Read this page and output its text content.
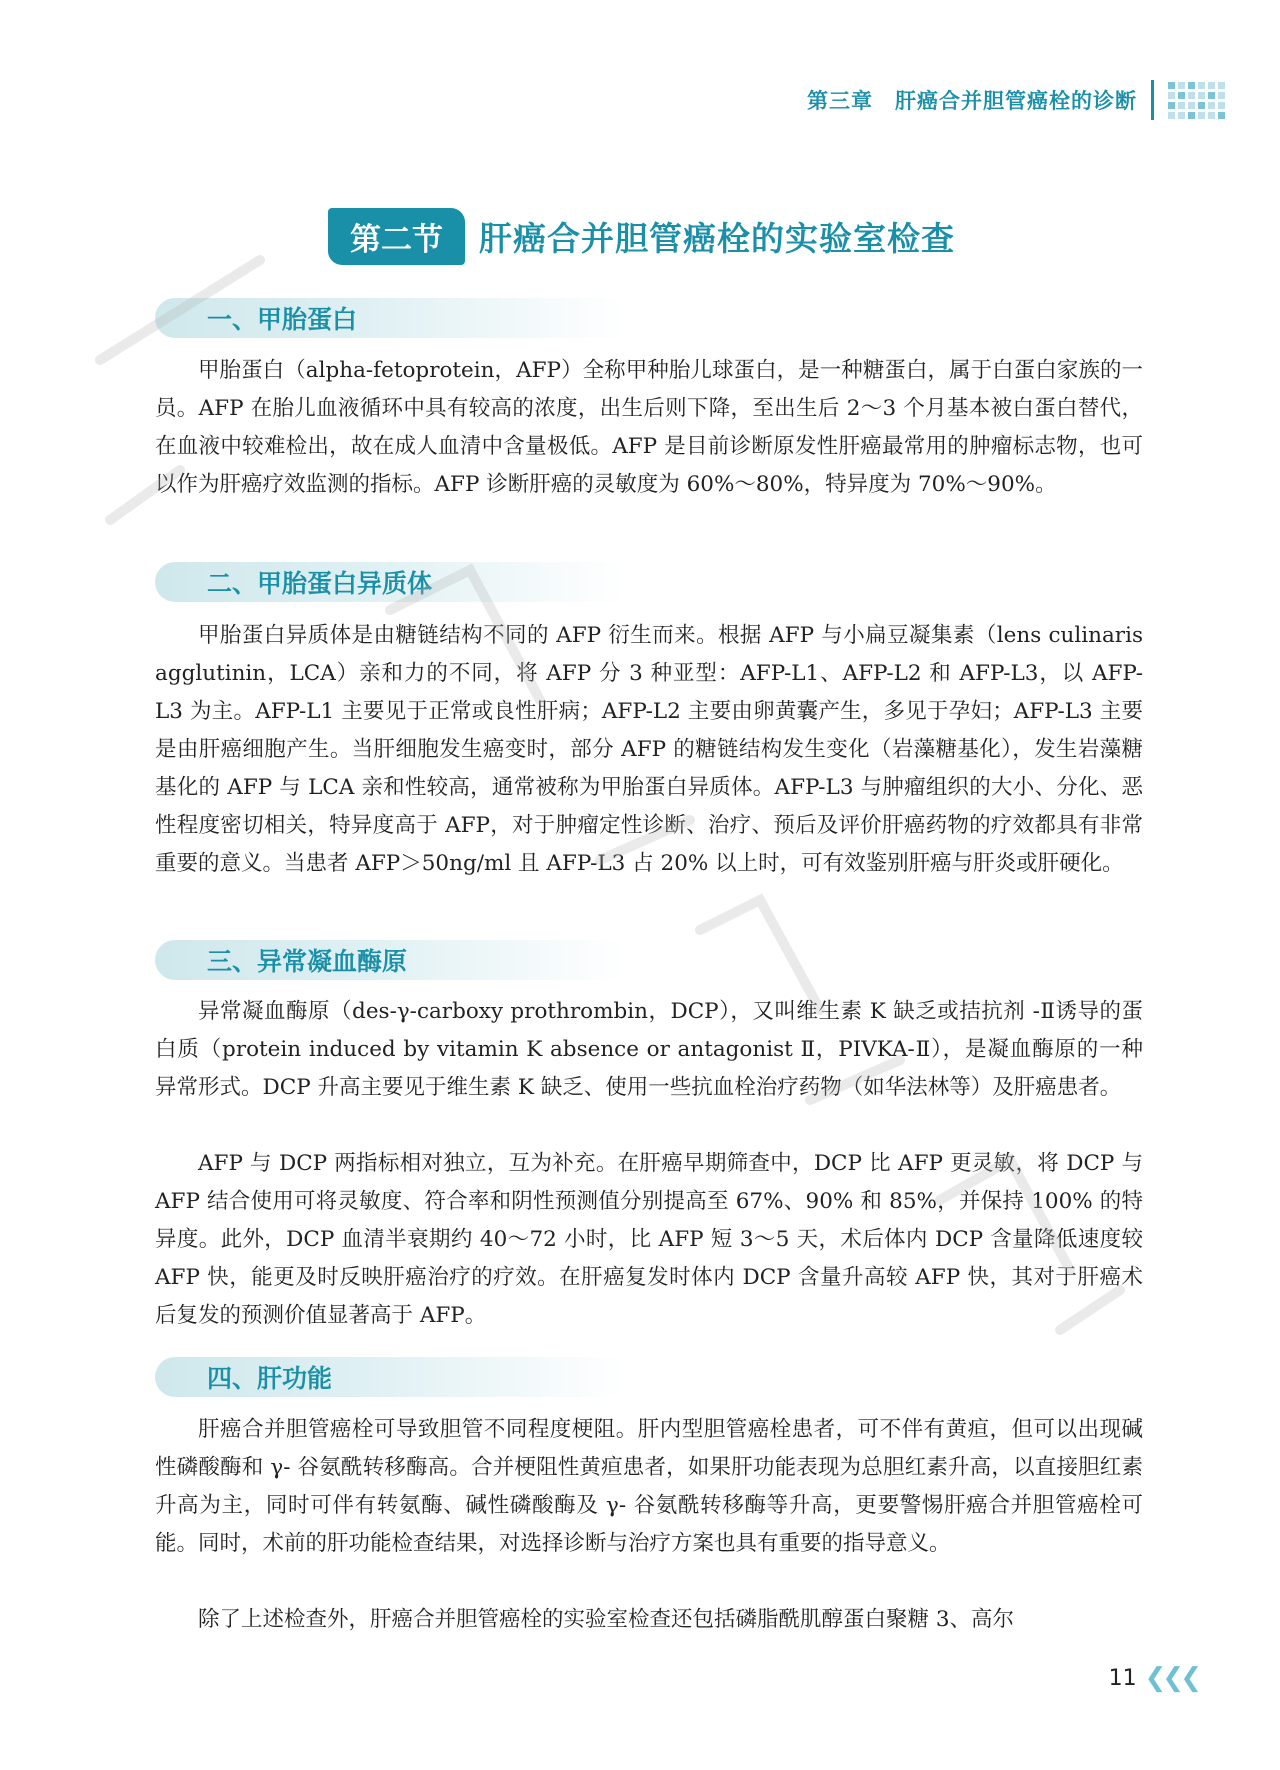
第三章　肝癌合并胆管癌栓的诊断
第二节	肝癌合并胆管癌栓的实验室检查
一、甲胎蛋白

甲胎蛋白（alpha-fetoprotein，AFP）全称甲种胎儿球蛋白，是一种糖蛋白，属于白蛋白家族的一员。AFP 在胎儿血液循环中具有较高的浓度，出生后则下降，至出生后 2～3 个月基本被白蛋白替代，在血液中较难检出，故在成人血清中含量极低。AFP 是目前诊断原发性肝癌最常用的肿瘤标志物，也可以作为肝癌疗效监测的指标。AFP 诊断肝癌的灵敏度为 60%～80%，特异度为 70%～90%。

二、甲胎蛋白异质体

甲胎蛋白异质体是由糖链结构不同的 AFP 衍生而来。根据 AFP 与小扁豆凝集素（lens culinaris agglutinin，LCA）亲和力的不同，将 AFP 分 3 种亚型：AFP-L1、AFP-L2 和 AFP-L3，以 AFP-L3 为主。AFP-L1 主要见于正常或良性肝病；AFP-L2 主要由卵黄囊产生，多见于孕妇；AFP-L3 主要是由肝癌细胞产生。当肝细胞发生癌变时，部分 AFP 的糖链结构发生变化（岩藻糖基化），发生岩藻糖基化的 AFP 与 LCA 亲和性较高，通常被称为甲胎蛋白异质体。AFP-L3 与肿瘤组织的大小、分化、恶性程度密切相关，特异度高于 AFP，对于肿瘤定性诊断、治疗、预后及评价肝癌药物的疗效都具有非常重要的意义。当患者 AFP＞50ng/ml 且 AFP-L3 占 20% 以上时，可有效鉴别肝癌与肝炎或肝硬化。

三、异常凝血酶原

异常凝血酶原（des-γ-carboxy prothrombin，DCP），又叫维生素 K 缺乏或拮抗剂 -Ⅱ诱导的蛋白质（protein induced by vitamin K absence or antagonist Ⅱ，PIVKA-Ⅱ），是凝血酶原的一种异常形式。DCP 升高主要见于维生素 K 缺乏、使用一些抗血栓治疗药物（如华法林等）及肝癌患者。

AFP 与 DCP 两指标相对独立，互为补充。在肝癌早期筛查中，DCP 比 AFP 更灵敏，将 DCP 与 AFP 结合使用可将灵敏度、符合率和阴性预测值分别提高至 67%、90% 和 85%，并保持 100% 的特异度。此外，DCP 血清半衰期约 40～72 小时，比 AFP 短 3～5 天，术后体内 DCP 含量降低速度较 AFP 快，能更及时反映肝癌治疗的疗效。在肝癌复发时体内 DCP 含量升高较 AFP 快，其对于肝癌术后复发的预测价值显著高于 AFP。

四、肝功能

肝癌合并胆管癌栓可导致胆管不同程度梗阻。肝内型胆管癌栓患者，可不伴有黄疸，但可以出现碱性磷酸酶和 γ- 谷氨酰转移酶高。合并梗阻性黄疸患者，如果肝功能表现为总胆红素升高，以直接胆红素升高为主，同时可伴有转氨酶、碱性磷酸酶及 γ- 谷氨酰转移酶等升高，更要警惕肝癌合并胆管癌栓可能。同时，术前的肝功能检查结果，对选择诊断与治疗方案也具有重要的指导意义。

除了上述检查外，肝癌合并胆管癌栓的实验室检查还包括磷脂酰肌醇蛋白聚糖 3、高尔

11 ❮❮❮
